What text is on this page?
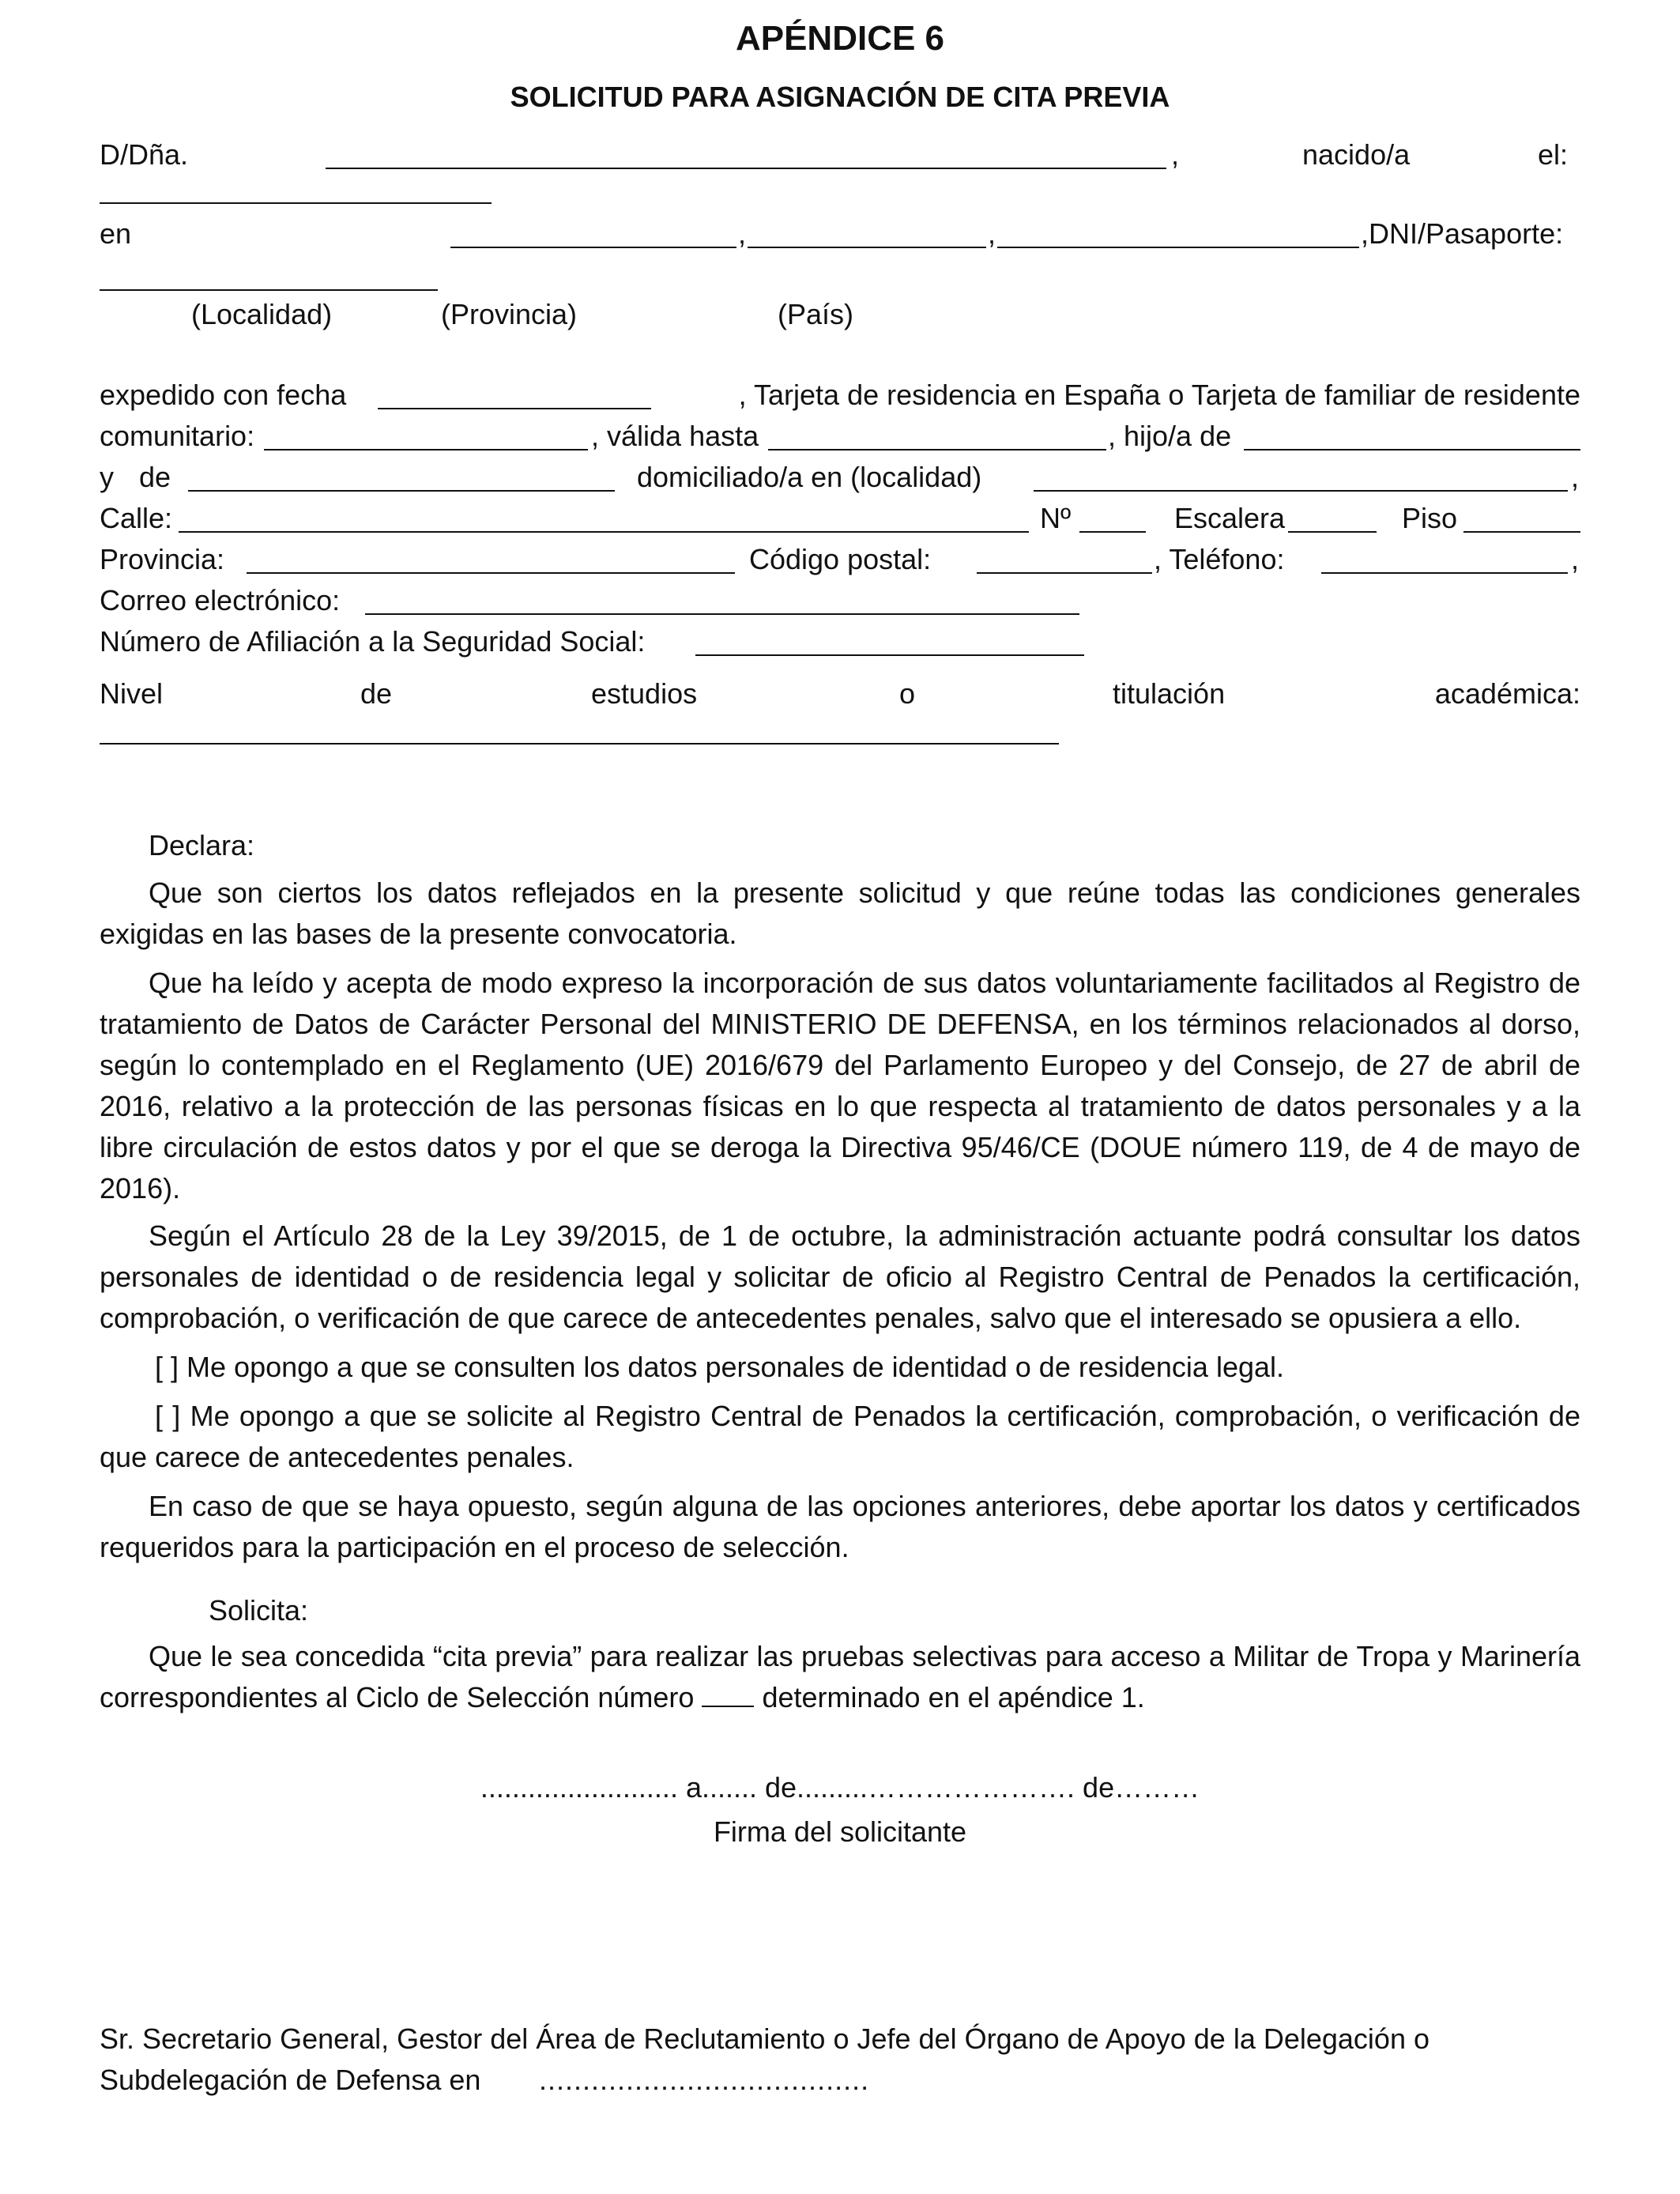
APÉNDICE 6
SOLICITUD PARA ASIGNACIÓN DE CITA PREVIA
D/Dña.	,	nacido/a	el:
en	,	,	,DNI/Pasaporte:
(Localidad)	(Provincia)	(País)
expedido con fecha	, Tarjeta de residencia en España o Tarjeta de familiar de residente
comunitario:	, válida hasta	, hijo/a de
y de	domiciliado/a en (localidad)	,
Calle:	Nº	Escalera	Piso
Provincia:	Código postal:	, Teléfono:	,
Correo electrónico:
Número de Afiliación a la Seguridad Social:
Nivel	de	estudios	o	titulación	académica:
Declara:
Que son ciertos los datos reflejados en la presente solicitud y que reúne todas las condiciones generales exigidas en las bases de la presente convocatoria.
Que ha leído y acepta de modo expreso la incorporación de sus datos voluntariamente facilitados al Registro de tratamiento de Datos de Carácter Personal del MINISTERIO DE DEFENSA, en los términos relacionados al dorso, según lo contemplado en el Reglamento (UE) 2016/679 del Parlamento Europeo y del Consejo, de 27 de abril de 2016, relativo a la protección de las personas físicas en lo que respecta al tratamiento de datos personales y a la libre circulación de estos datos y por el que se deroga la Directiva 95/46/CE (DOUE número 119, de 4 de mayo de 2016).
Según el Artículo 28 de la Ley 39/2015, de 1 de octubre, la administración actuante podrá consultar los datos personales de identidad o de residencia legal y solicitar de oficio al Registro Central de Penados la certificación, comprobación, o verificación de que carece de antecedentes penales, salvo que el interesado se opusiera a ello.
[ ] Me opongo a que se consulten los datos personales de identidad o de residencia legal.
[ ] Me opongo a que se solicite al Registro Central de Penados la certificación, comprobación, o verificación de que carece de antecedentes penales.
En caso de que se haya opuesto, según alguna de las opciones anteriores, debe aportar los datos y certificados requeridos para la participación en el proceso de selección.
Solicita:
Que le sea concedida “cita previa” para realizar las pruebas selectivas para acceso a Militar de Tropa y Marinería correspondientes al Ciclo de Selección número determinado en el apéndice 1.
......................... a....... de.........…………………. de………
Firma del solicitante
Sr. Secretario General, Gestor del Área de Reclutamiento o Jefe del Órgano de Apoyo de la Delegación o
Subdelegación de Defensa en ......................................
